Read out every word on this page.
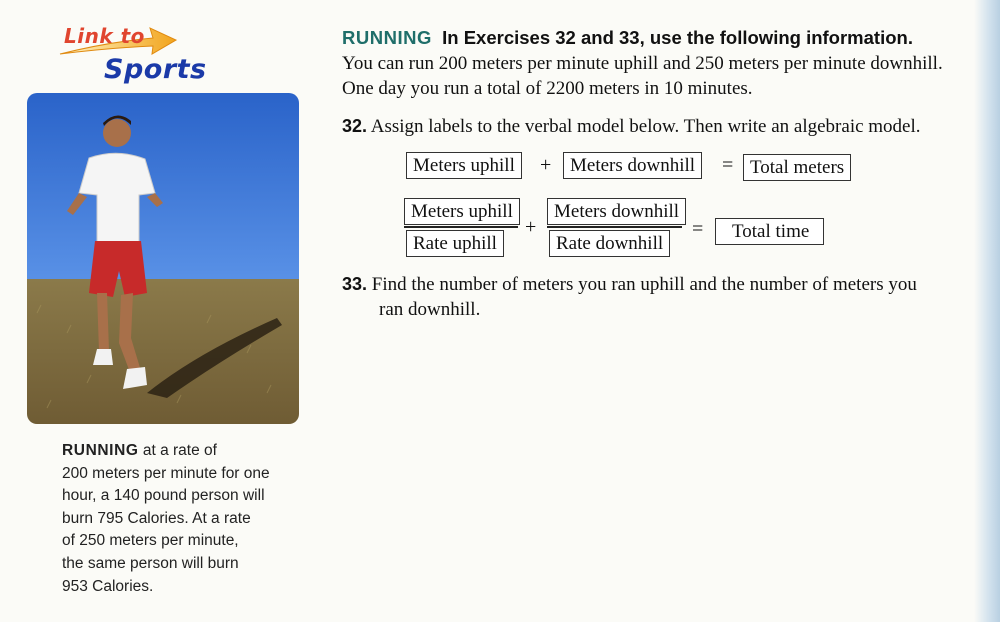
Link to
Sports
RUNNING at a rate of
200 meters per minute for one
hour, a 140 pound person will
burn 795 Calories. At a rate
of 250 meters per minute,
the same person will burn
953 Calories.
RUNNING In Exercises 32 and 33, use the following information.
You can run 200 meters per minute uphill and 250 meters per minute downhill.
One day you run a total of 2200 meters in 10 minutes.
32. Assign labels to the verbal model below. Then write an algebraic model.
Meters uphill	+ Meters downhill	= Total meters
Meters uphill
Rate uphill
+
Meters downhill
Rate downhill
=	Total time
33. Find the number of meters you ran uphill and the number of meters you
ran downhill.
